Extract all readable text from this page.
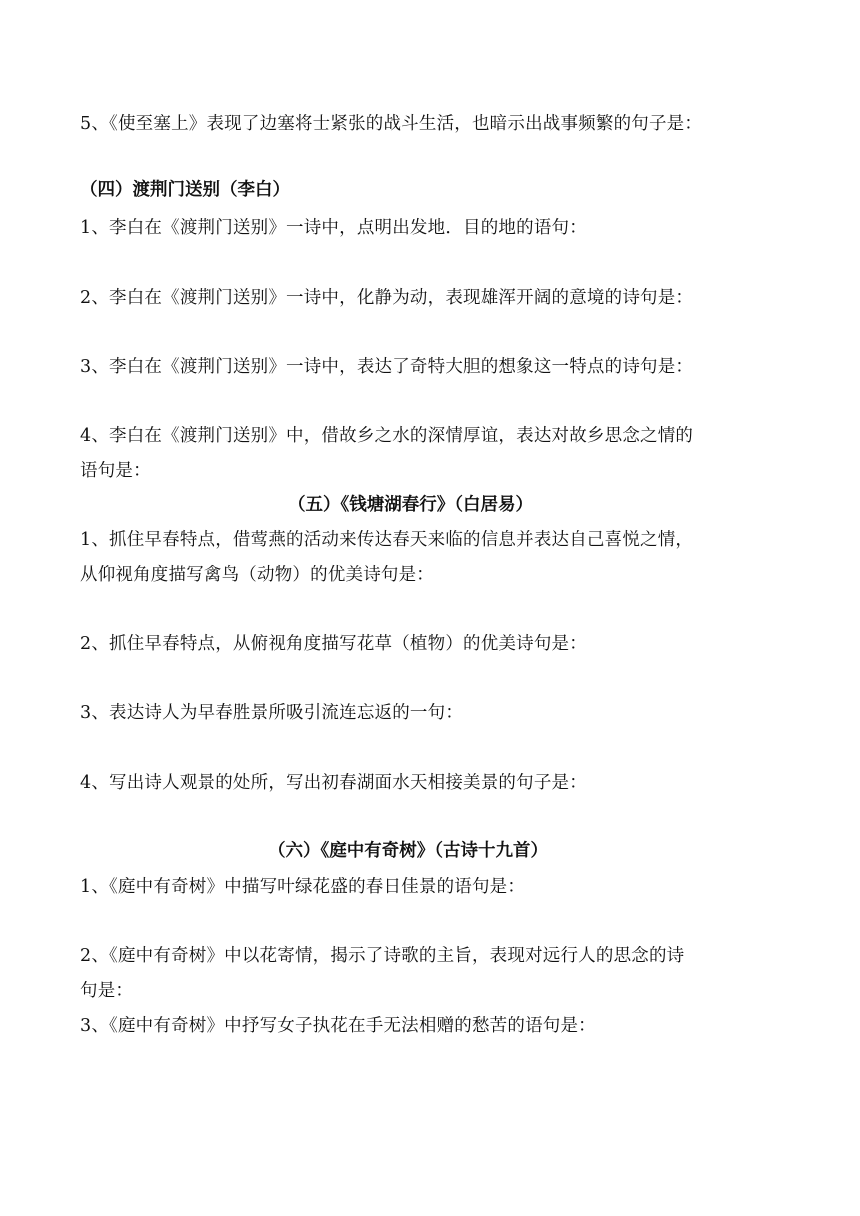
5、《使至塞上》表现了边塞将士紧张的战斗生活，也暗示出战事频繁的句子是：
（四）渡荆门送别（李白）
1、李白在《渡荆门送别》一诗中，点明出发地．目的地的语句：
2、李白在《渡荆门送别》一诗中，化静为动，表现雄浑开阔的意境的诗句是：
3、李白在《渡荆门送别》一诗中，表达了奇特大胆的想象这一特点的诗句是：
4、李白在《渡荆门送别》中，借故乡之水的深情厚谊，表达对故乡思念之情的
语句是：
（五）《钱塘湖春行》（白居易）
1、抓住早春特点，借莺燕的活动来传达春天来临的信息并表达自己喜悦之情，
从仰视角度描写禽鸟（动物）的优美诗句是：
2、抓住早春特点，从俯视角度描写花草（植物）的优美诗句是：
3、表达诗人为早春胜景所吸引流连忘返的一句：
4、写出诗人观景的处所，写出初春湖面水天相接美景的句子是：
（六）《庭中有奇树》（古诗十九首）
1、《庭中有奇树》中描写叶绿花盛的春日佳景的语句是：
2、《庭中有奇树》中以花寄情，揭示了诗歌的主旨，表现对远行人的思念的诗
句是：
3、《庭中有奇树》中抒写女子执花在手无法相赠的愁苦的语句是：
